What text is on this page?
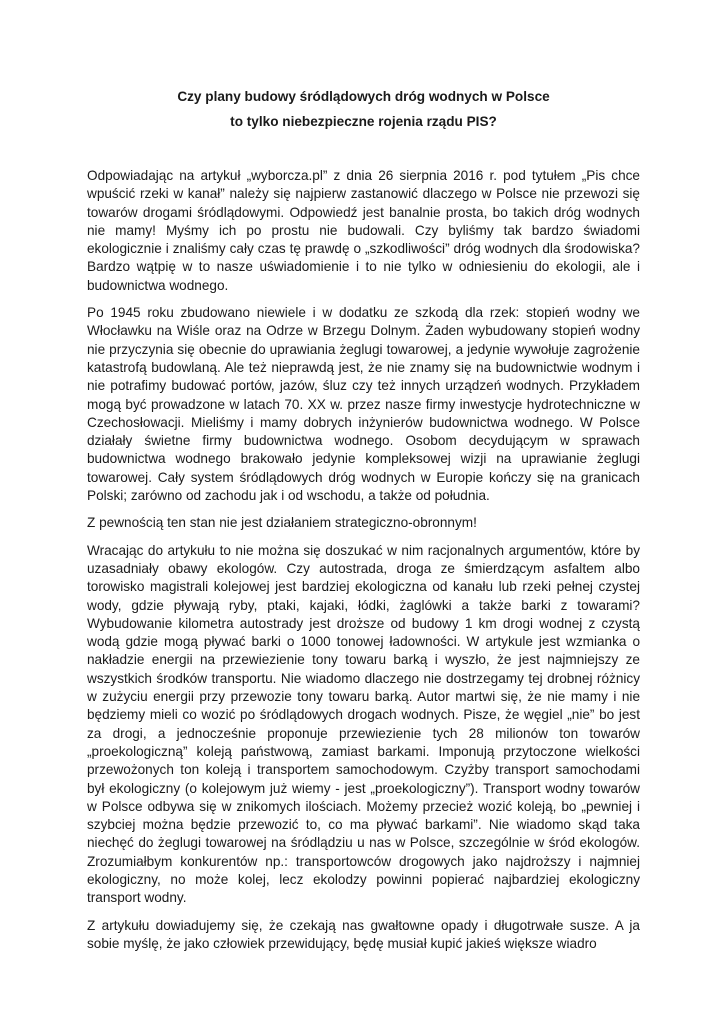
Czy plany budowy śródlądowych dróg wodnych w Polsce

to tylko niebezpieczne rojenia rządu PIS?

Odpowiadając na artykuł „wyborcza.pl” z dnia 26 sierpnia 2016 r. pod tytułem „Pis chce wpuścić rzeki w kanał” należy się najpierw zastanowić dlaczego w Polsce nie przewozi się towarów drogami śródlądowymi. Odpowiedź jest banalnie prosta, bo takich dróg wodnych nie mamy! Myśmy ich po prostu nie budowali. Czy byliśmy tak bardzo świadomi ekologicznie i znaliśmy cały czas tę prawdę o „szkodliwości” dróg wodnych dla środowiska? Bardzo wątpię w to nasze uświadomienie i to nie tylko w odniesieniu do ekologii, ale i budownictwa wodnego.

Po 1945 roku zbudowano niewiele i w dodatku ze szkodą dla rzek: stopień wodny we Włocławku na Wiśle oraz na Odrze w Brzegu Dolnym. Żaden wybudowany stopień wodny nie przyczynia się obecnie do uprawiania żeglugi towarowej, a jedynie wywołuje zagrożenie katastrofą budowlaną. Ale też nieprawdą jest, że nie znamy się na budownictwie wodnym i nie potrafimy budować portów, jazów, śluz czy też innych urządzeń wodnych. Przykładem mogą być prowadzone w latach 70. XX w. przez nasze firmy inwestycje hydrotechniczne w Czechosłowacji. Mieliśmy i mamy dobrych inżynierów budownictwa wodnego. W Polsce działały świetne firmy budownictwa wodnego. Osobom decydującym w sprawach budownictwa wodnego brakowało jedynie kompleksowej wizji na uprawianie żeglugi towarowej. Cały system śródlądowych dróg wodnych w Europie kończy się na granicach Polski; zarówno od zachodu jak i od wschodu, a także od południa.

Z pewnością ten stan nie jest działaniem strategiczno-obronnym!

Wracając do artykułu to nie można się doszukać w nim racjonalnych argumentów, które by uzasadniały obawy ekologów. Czy autostrada, droga ze śmierdzącym asfaltem albo torowisko magistrali kolejowej jest bardziej ekologiczna od kanału lub rzeki pełnej czystej wody, gdzie pływają ryby, ptaki, kajaki, łódki, żaglówki a także barki z towarami? Wybudowanie kilometra autostrady jest droższe od budowy 1 km drogi wodnej z czystą wodą gdzie mogą pływać barki o 1000 tonowej ładowności. W artykule jest wzmianka o nakładzie energii na przewiezienie tony towaru barką i wyszło, że jest najmniejszy ze wszystkich środków transportu. Nie wiadomo dlaczego nie dostrzegamy tej drobnej różnicy w zużyciu energii przy przewozie tony towaru barką. Autor martwi się, że nie mamy i nie będziemy mieli co wozić po śródlądowych drogach wodnych. Pisze, że węgiel „nie” bo jest za drogi, a jednocześnie proponuje przewiezienie tych 28 milionów ton towarów „proekologiczną” koleją państwową, zamiast barkami. Imponują przytoczone wielkości przewożonych ton koleją i transportem samochodowym. Czyżby transport samochodami był ekologiczny (o kolejowym już wiemy - jest „proekologiczny”). Transport wodny towarów w Polsce odbywa się w znikomych ilościach. Możemy przecież wozić koleją, bo „pewniej i szybciej można będzie przewozić to, co ma pływać barkami”. Nie wiadomo skąd taka niechęć do żeglugi towarowej na śródlądziu u nas w Polsce, szczególnie w śród ekologów. Zrozumiałbym konkurentów np.: transportowców drogowych jako najdroższy i najmniej ekologiczny, no może kolej, lecz ekolodzy powinni popierać najbardziej ekologiczny transport wodny.

Z artykułu dowiadujemy się, że czekają nas gwałtowne opady i długotrwałe susze. A ja sobie myślę, że jako człowiek przewidujący, będę musiał kupić jakieś większe wiadro
